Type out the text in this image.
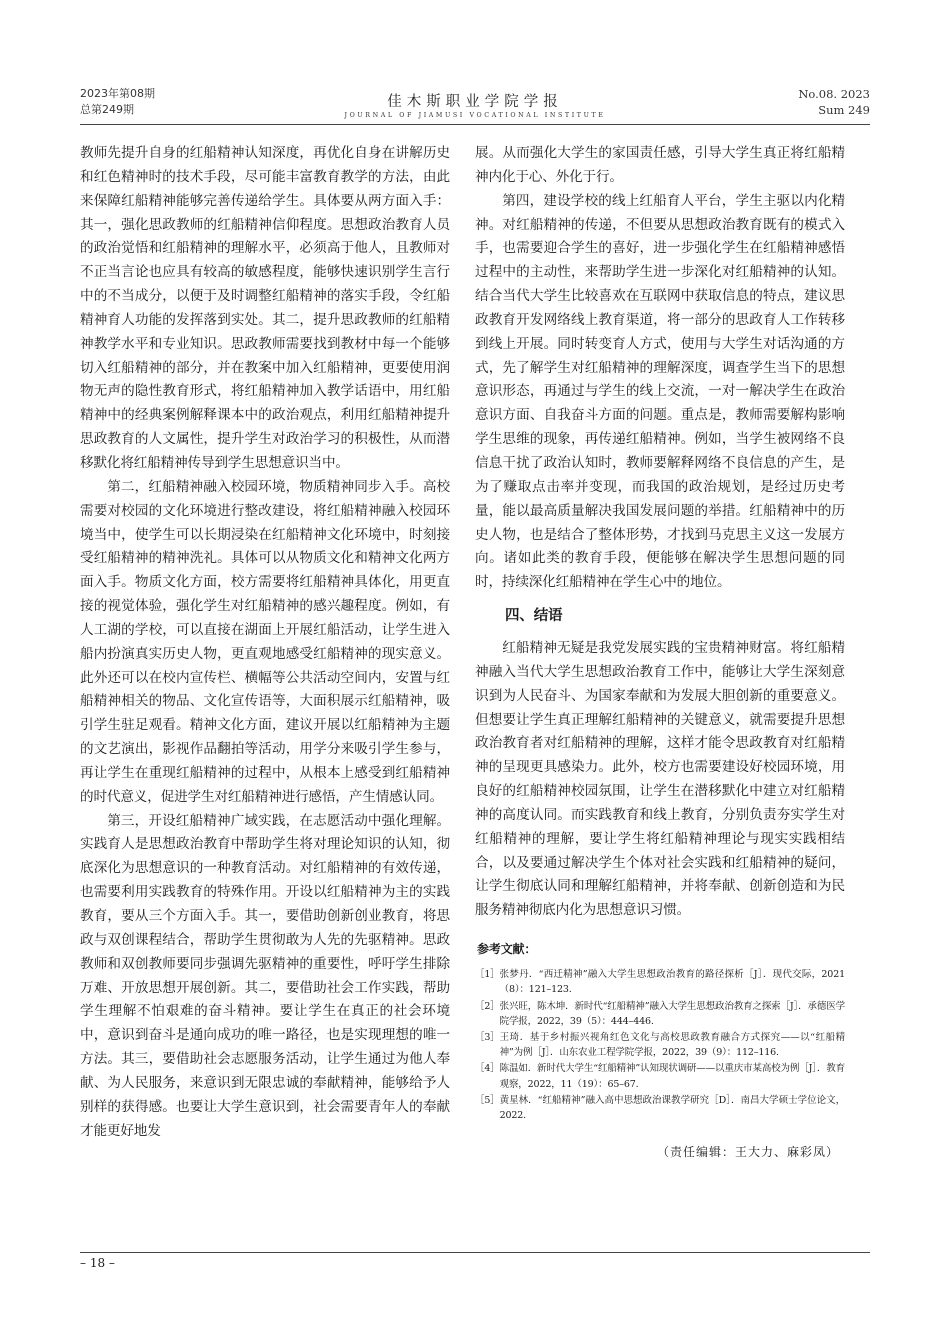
2023年第08期
总第249期	佳木斯职业学院学报
JOURNAL OF JIAMUSI VOCATIONAL INSTITUTE
No.08. 2023
Sum 249

教师先提升自身的红船精神认知深度，再优化自身在讲解历史和红色精神时的技术手段，尽可能丰富教育教学的方法，由此来保障红船精神能够完善传递给学生。具体要从两方面入手：其一，强化思政教师的红船精神信仰程度。思想政治教育人员的政治觉悟和红船精神的理解水平，必须高于他人，且教师对不正当言论也应具有较高的敏感程度，能够快速识别学生言行中的不当成分，以便于及时调整红船精神的落实手段，令红船精神育人功能的发挥落到实处。其二，提升思政教师的红船精神教学水平和专业知识。思政教师需要找到教材中每一个能够切入红船精神的部分，并在教案中加入红船精神，更要使用润物无声的隐性教育形式，将红船精神加入教学话语中，用红船精神中的经典案例解释课本中的政治观点，利用红船精神提升思政教育的人文属性，提升学生对政治学习的积极性，从而潜移默化将红船精神传导到学生思想意识当中。

第二，红船精神融入校园环境，物质精神同步入手。高校需要对校园的文化环境进行整改建设，将红船精神融入校园环境当中，使学生可以长期浸染在红船精神文化环境中，时刻接受红船精神的精神洗礼。具体可以从物质文化和精神文化两方面入手。物质文化方面，校方需要将红船精神具体化，用更直接的视觉体验，强化学生对红船精神的感兴趣程度。例如，有人工湖的学校，可以直接在湖面上开展红船活动，让学生进入船内扮演真实历史人物，更直观地感受红船精神的现实意义。此外还可以在校内宣传栏、横幅等公共活动空间内，安置与红船精神相关的物品、文化宣传语等，大面积展示红船精神，吸引学生驻足观看。精神文化方面，建议开展以红船精神为主题的文艺演出，影视作品翻拍等活动，用学分来吸引学生参与，再让学生在重现红船精神的过程中，从根本上感受到红船精神的时代意义，促进学生对红船精神进行感悟，产生情感认同。

第三，开设红船精神广域实践，在志愿活动中强化理解。实践育人是思想政治教育中帮助学生将对理论知识的认知，彻底深化为思想意识的一种教育活动。对红船精神的有效传递，也需要利用实践教育的特殊作用。开设以红船精神为主的实践教育，要从三个方面入手。其一，要借助创新创业教育，将思政与双创课程结合，帮助学生贯彻敢为人先的先驱精神。思政教师和双创教师要同步强调先驱精神的重要性，呼吁学生排除万难、开放思想开展创新。其二，要借助社会工作实践，帮助学生理解不怕艰难的奋斗精神。要让学生在真正的社会环境中，意识到奋斗是通向成功的唯一路径，也是实现理想的唯一方法。其三，要借助社会志愿服务活动，让学生通过为他人奉献、为人民服务，来意识到无限忠诚的奉献精神，能够给予人别样的获得感。也要让大学生意识到，社会需要青年人的奉献才能更好地发

展。从而强化大学生的家国责任感，引导大学生真正将红船精神内化于心、外化于行。

第四，建设学校的线上红船育人平台，学生主驱以内化精神。对红船精神的传递，不但要从思想政治教育既有的模式入手，也需要迎合学生的喜好，进一步强化学生在红船精神感悟过程中的主动性，来帮助学生进一步深化对红船精神的认知。结合当代大学生比较喜欢在互联网中获取信息的特点，建议思政教育开发网络线上教育渠道，将一部分的思政育人工作转移到线上开展。同时转变育人方式，使用与大学生对话沟通的方式，先了解学生对红船精神的理解深度，调查学生当下的思想意识形态，再通过与学生的线上交流，一对一解决学生在政治意识方面、自我奋斗方面的问题。重点是，教师需要解构影响学生思维的现象，再传递红船精神。例如，当学生被网络不良信息干扰了政治认知时，教师要解释网络不良信息的产生，是为了赚取点击率并变现，而我国的政治规划，是经过历史考量，能以最高质量解决我国发展问题的举措。红船精神中的历史人物，也是结合了整体形势，才找到马克思主义这一发展方向。诸如此类的教育手段，便能够在解决学生思想问题的同时，持续深化红船精神在学生心中的地位。

四、结语

红船精神无疑是我党发展实践的宝贵精神财富。将红船精神融入当代大学生思想政治教育工作中，能够让大学生深刻意识到为人民奋斗、为国家奉献和为发展大胆创新的重要意义。但想要让学生真正理解红船精神的关键意义，就需要提升思想政治教育者对红船精神的理解，这样才能令思政教育对红船精神的呈现更具感染力。此外，校方也需要建设好校园环境，用良好的红船精神校园氛围，让学生在潜移默化中建立对红船精神的高度认同。而实践教育和线上教育，分别负责夯实学生对红船精神的理解，要让学生将红船精神理论与现实实践相结合，以及要通过解决学生个体对社会实践和红船精神的疑问，让学生彻底认同和理解红船精神，并将奉献、创新创造和为民服务精神彻底内化为思想意识习惯。

参考文献：
［1］ 张梦丹．“西迁精神”融入大学生思想政治教育的路径探析［J］．现代交际，2021（8）：121–123.
［2］ 张兴旺，陈木坤．新时代“红船精神”融入大学生思想政治教育之探索［J］．承德医学院学报，2022，39（5）：444–446.
［3］ 王琦．基于乡村振兴视角红色文化与高校思政教育融合方式探究——以“红船精神”为例［J］．山东农业工程学院学报，2022，39（9）：112–116.
［4］ 陈温如．新时代大学生“红船精神”认知现状调研——以重庆市某高校为例［J］．教育观察，2022，11（19）：65–67.
［5］ 黄星林．“红船精神”融入高中思想政治课教学研究［D］．南昌大学硕士学位论文，2022.
（责任编辑：王大力、麻彩凤）
– 18 –
